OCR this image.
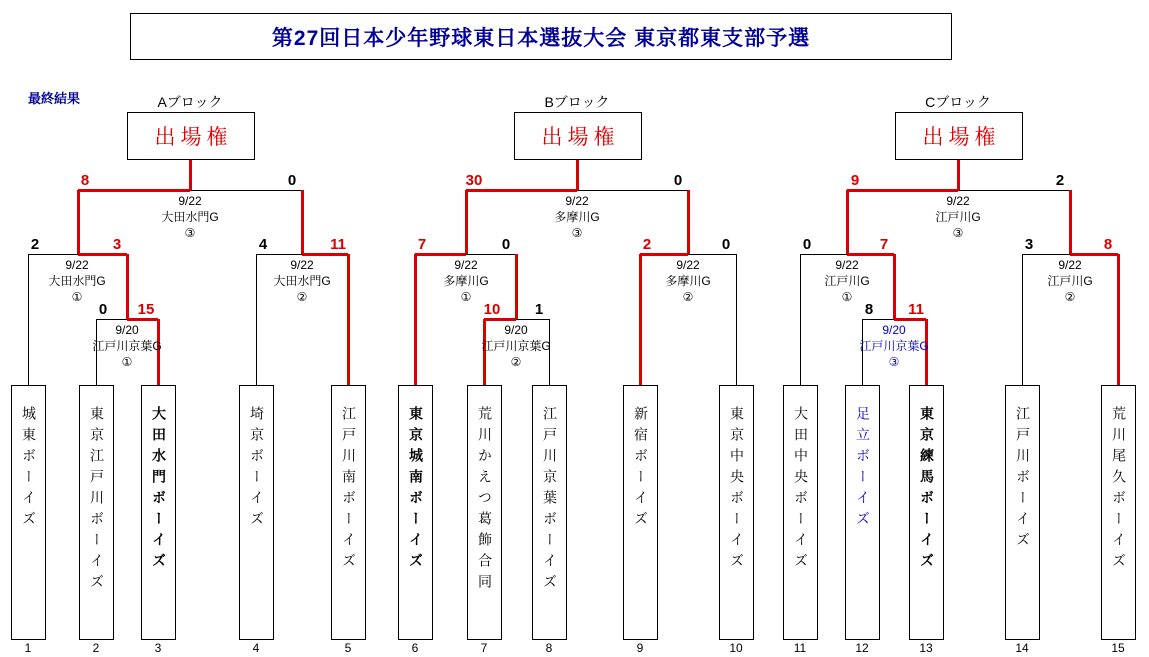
第27回日本少年野球東日本選抜大会 東京都東支部予選
最終結果	Aブロック	Bブロック	Cブロック
出場権	出場権	出場権
8	0
2	3	4	11
0 15
30	0
7	0	2	0
10 1
9	2
0	7	3	8
8 11
9/22
大田水門G
③
9/22
大田水門G
①
9/22
大田水門G
②
9/20
江戸川京葉G
①
9/22
多摩川G
③
9/22
多摩川G
①
9/22
多摩川G
②
9/20
江戸川京葉G
②
9/22
江戸川G
③
9/22
江戸川G
①
9/22
江戸川G
②
9/20
江戸川京葉G
③
城東ボーイズ	東京江戸川ボーイズ	大田水門ボーイズ	埼京ボーイズ	江戸川南ボーイズ	東京城南ボーイズ	荒川かえつ葛飾合同	江戸川京葉ボーイズ	新宿ボーイズ	東京中央ボーイズ	大田中央ボーイズ	足立ボーイズ	東京練馬ボーイズ	江戸川ボーイズ	荒川尾久ボーイズ
1	2	3	4	5	6	7	8	9	10	11	12	13	14	15
